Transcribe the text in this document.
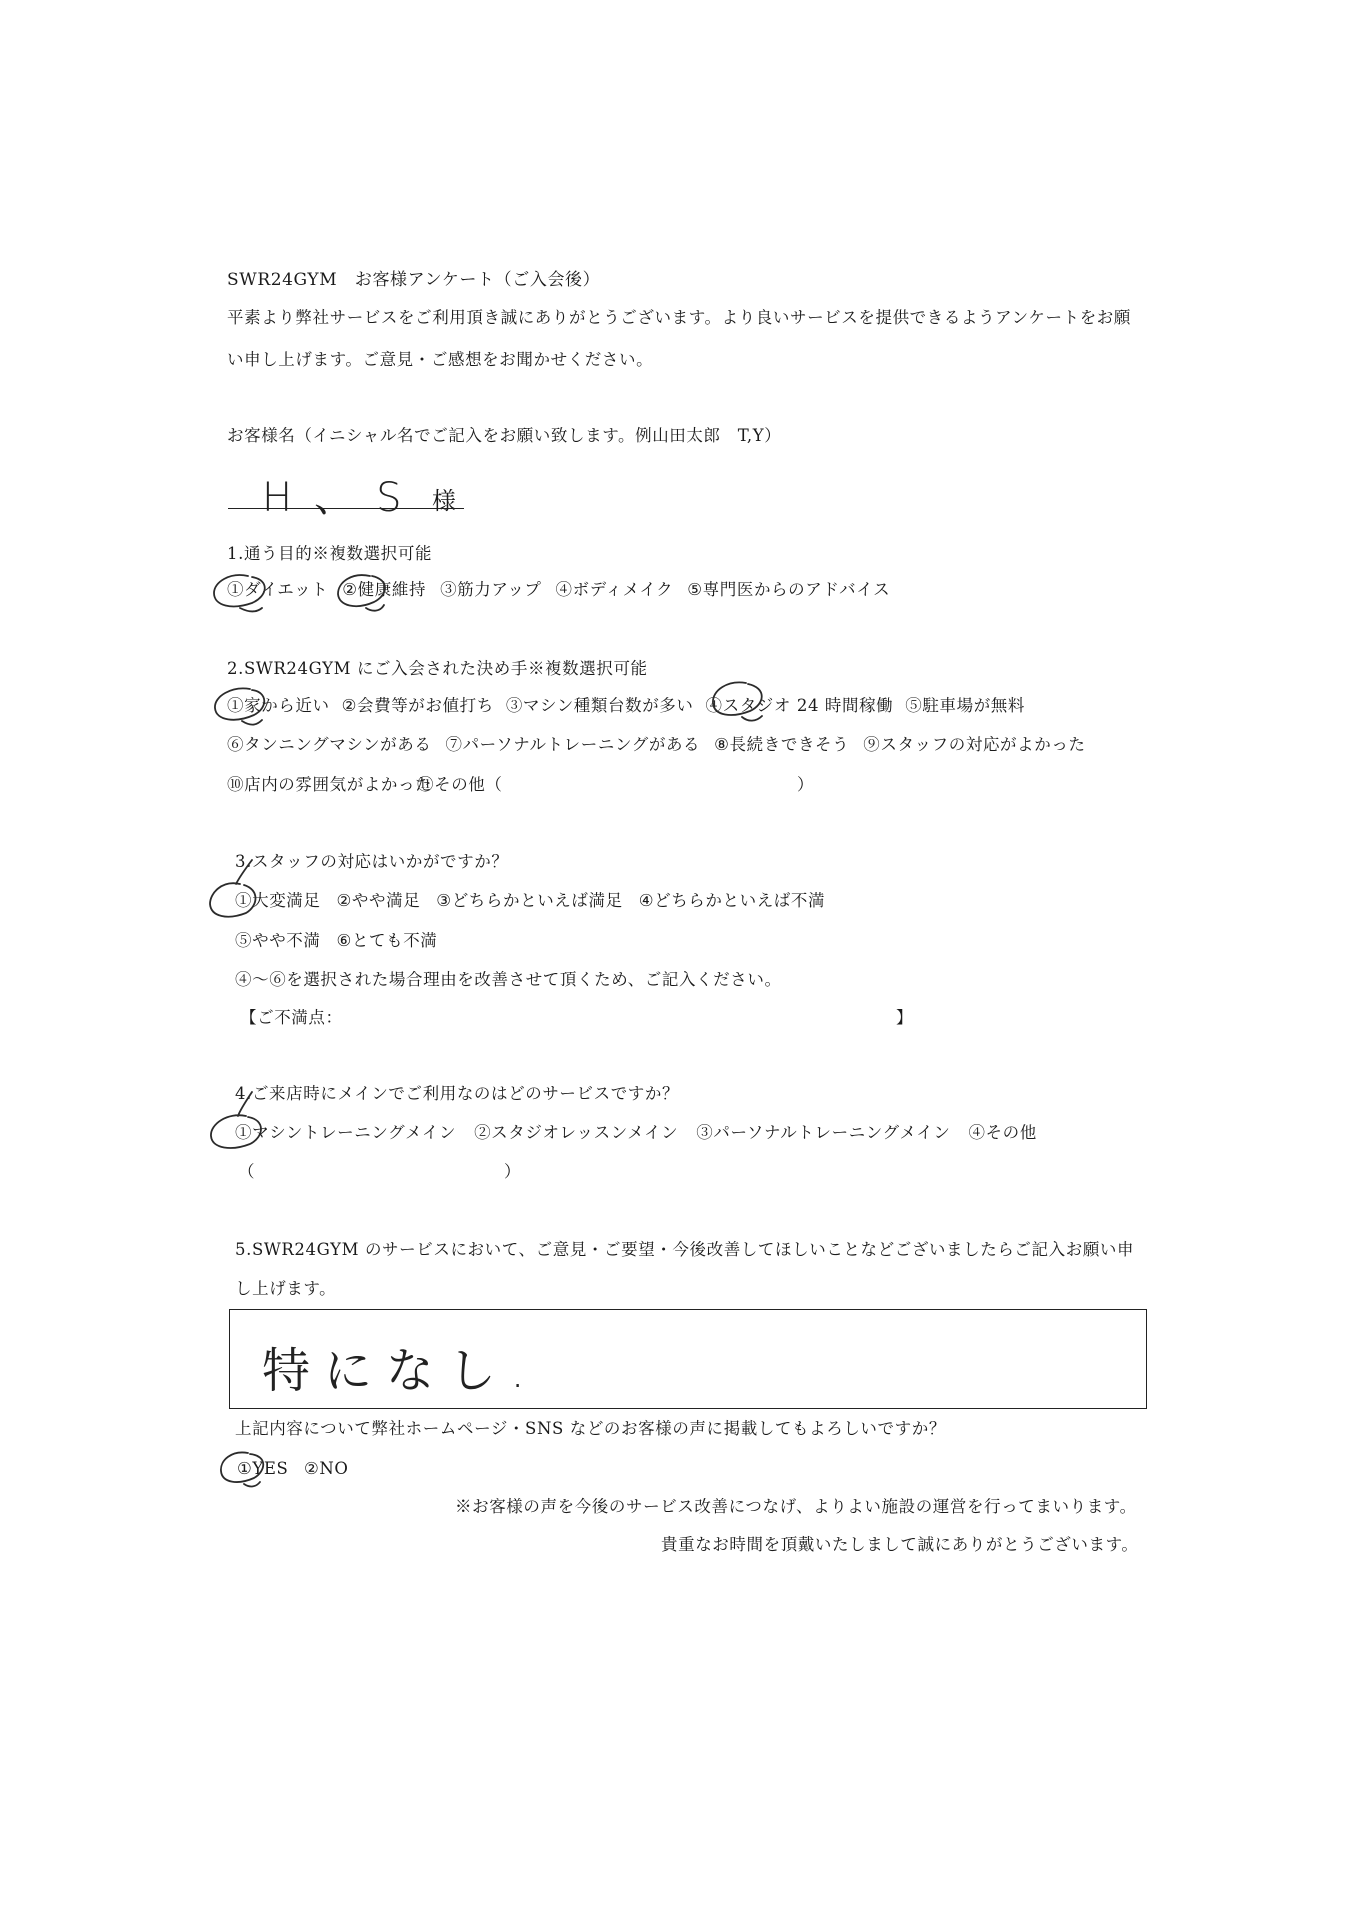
SWR24GYM　お客様アンケート（ご入会後）
平素より弊社サービスをご利用頂き誠にありがとうございます。より良いサービスを提供できるようアンケートをお願
い申し上げます。ご意見・ご感想をお聞かせください。
お客様名（イニシャル名でご記入をお願い致します。例山田太郎　T,Y）
H、S 様
1.通う目的※複数選択可能
①ダイエット ②健康維持 ③筋力アップ ④ボディメイク ⑤専門医からのアドバイス
2.SWR24GYM にご入会された決め手※複数選択可能
①家から近い ②会費等がお値打ち ③マシン種類台数が多い ④スタジオ 24 時間稼働 ⑤駐車場が無料
⑥タンニングマシンがある ⑦パーソナルトレーニングがある ⑧長続きできそう ⑨スタッフの対応がよかった
⑩店内の雰囲気がよかった
⑪その他（	）
3.スタッフの対応はいかがですか？
①大変満足 ②やや満足 ③どちらかといえば満足 ④どちらかといえば不満
⑤やや不満 ⑥とても不満
④～⑥を選択された場合理由を改善させて頂くため、ご記入ください。
【ご不満点：	】
4.ご来店時にメインでご利用なのはどのサービスですか？
①マシントレーニングメイン ②スタジオレッスンメイン ③パーソナルトレーニングメイン ④その他
（	）
5.SWR24GYM のサービスにおいて、ご意見・ご要望・今後改善してほしいことなどございましたらご記入お願い申
し上げます。
特になし.
上記内容について弊社ホームページ・SNS などのお客様の声に掲載してもよろしいですか？
①YES ②NO
※お客様の声を今後のサービス改善につなげ、よりよい施設の運営を行ってまいります。
貴重なお時間を頂戴いたしまして誠にありがとうございます。
